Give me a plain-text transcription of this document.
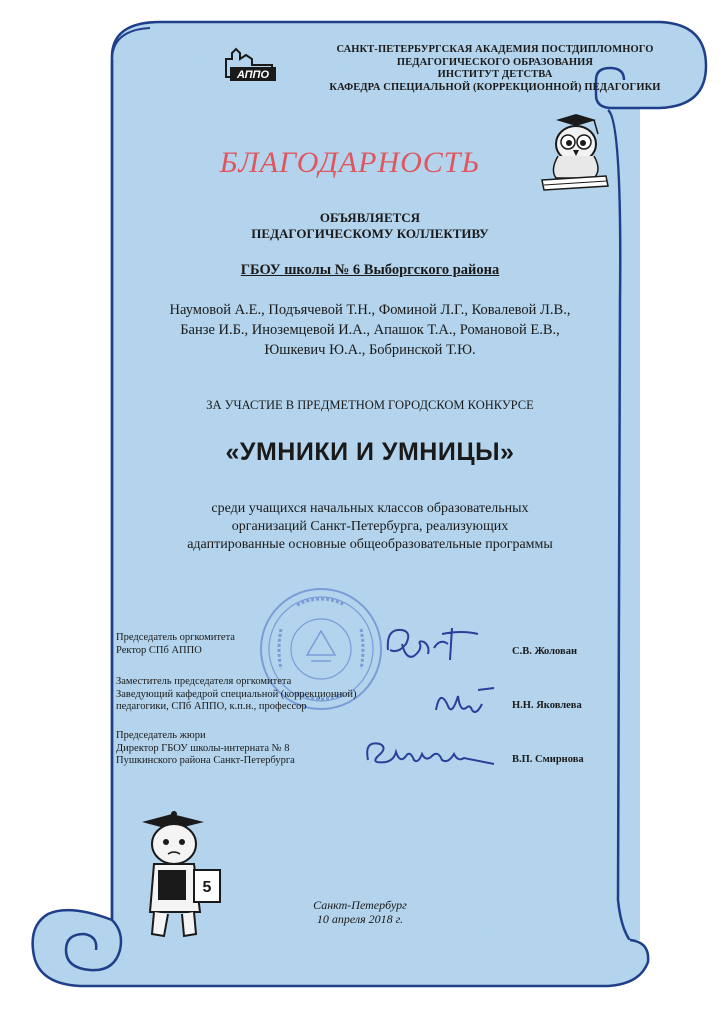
АППО
САНКТ-ПЕТЕРБУРГСКАЯ АКАДЕМИЯ ПОСТДИПЛОМНОГО
ПЕДАГОГИЧЕСКОГО ОБРАЗОВАНИЯ
ИНСТИТУТ ДЕТСТВА
КАФЕДРА СПЕЦИАЛЬНОЙ (КОРРЕКЦИОННОЙ) ПЕДАГОГИКИ
БЛАГОДАРНОСТЬ
ОБЪЯВЛЯЕТСЯ
ПЕДАГОГИЧЕСКОМУ КОЛЛЕКТИВУ
ГБОУ школы № 6 Выборгского района
Наумовой А.Е., Подъячевой Т.Н., Фоминой Л.Г., Ковалевой Л.В.,
Банзе И.Б., Иноземцевой И.А., Апашок Т.А., Романовой Е.В.,
Юшкевич Ю.А., Бобринской Т.Ю.
ЗА УЧАСТИЕ В ПРЕДМЕТНОМ ГОРОДСКОМ КОНКУРСЕ
«УМНИКИ И УМНИЦЫ»
среди учащихся начальных классов образовательных
организаций Санкт-Петербурга, реализующих
адаптированные основные общеобразовательные программы
Председатель оргкомитета
Ректор СПб АППО	С.В. Жолован
Заместитель председателя оргкомитета
Заведующий кафедрой специальной (коррекционной)
педагогики, СПб АППО, к.п.н., профессор	Н.Н. Яковлева
Председатель жюри
Директор ГБОУ школы-интерната № 8
Пушкинского района Санкт-Петербурга	В.П. Смирнова
5
Санкт-Петербург
10 апреля 2018 г.
